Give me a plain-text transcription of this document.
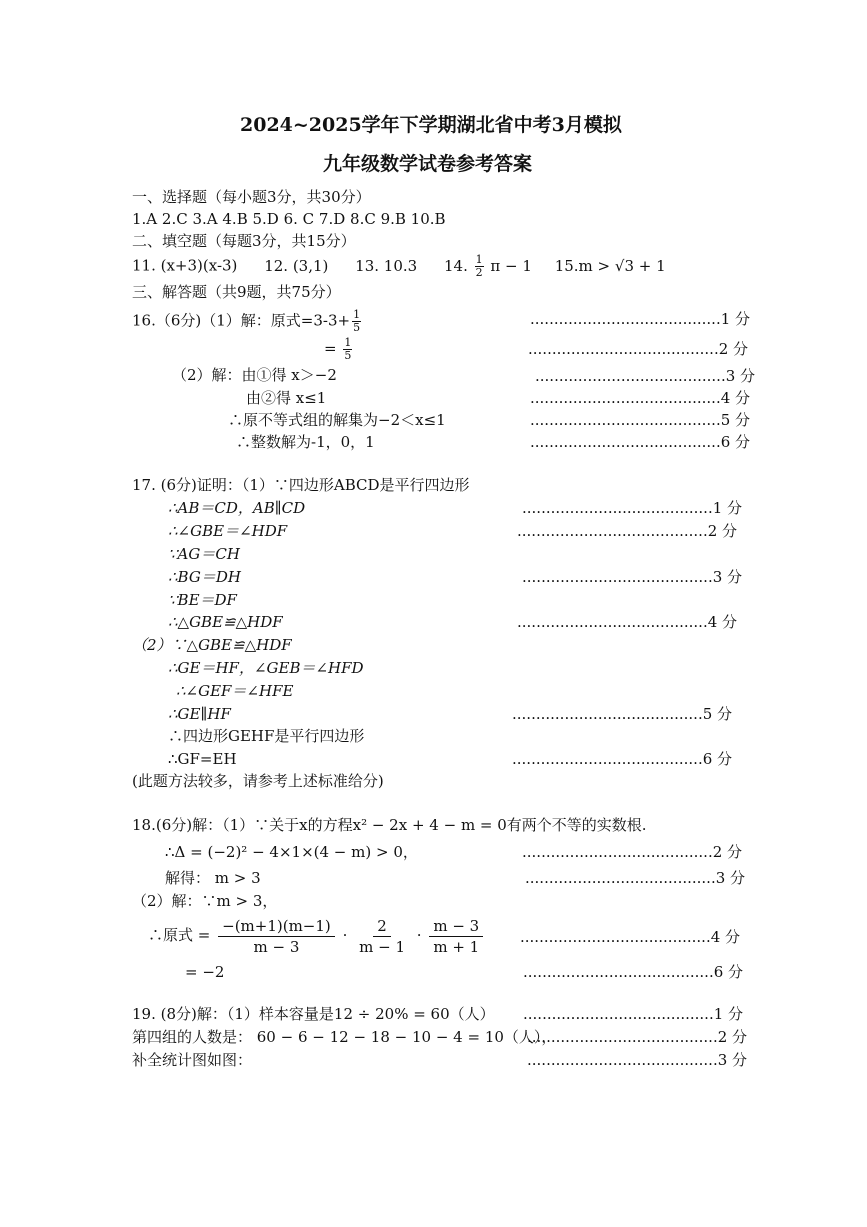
2024~2025学年下学期湖北省中考3月模拟
九年级数学试卷参考答案
一、选择题（每小题3分，共30分）
1.A 2.C 3.A 4.B 5.D 6. C 7.D 8.C 9.B 10.B
二、填空题（每题3分，共15分）
11. (x+3)(x-3) 12. (3,1) 13. 10.3 14. $\frac{1}{2}$ π − 1 15.m > √3 + 1
三、解答题（共9题，共75分）
16.（6分)（1）解：原式$=3-3+ \frac{1}{5}$	........................................1 分
= $\frac{1}{5}$	........................................2 分
（2）解：由①得 x＞−2	........................................3 分
由②得 x≤1	........................................4 分
∴原不等式组的解集为−2＜x≤1	........................................5 分
∴整数解为-1，0，1	........................................6 分
17. (6分)证明：（1）∵四边形ABCD是平行四边形
∴AB＝CD，AB∥CD	........................................1 分
∴∠GBE＝∠HDF	........................................2 分
∵AG＝CH
∴BG＝DH	........................................3 分
∵BE＝DF
∴△GBE≌△HDF	........................................4 分
（2）∵△GBE≌△HDF
∴GE＝HF，∠GEB＝∠HFD
∴∠GEF＝∠HFE
∴GE∥HF	........................................5 分
∴四边形GEHF是平行四边形
∴GF=EH	........................................6 分
(此题方法较多，请参考上述标准给分)
18.(6分)解：（1）∵关于x的方程x² − 2x + 4 − m = 0有两个不等的实数根.
∴Δ = (−2)² − 4×1×(4 − m) > 0，	........................................2 分
解得： m > 3	........................................3 分
（2）解：∵m > 3，
∴原式 = $\frac{-(m+1)(m-1)}{m - 3} \cdot \frac{2}{m - 1} \cdot \frac{m - 3}{m + 1} ........................................4$ 分
= −2	........................................6 分
19. (8分)解：（1）样本容量是12 ÷ 20% = 60（人） ........................................1 分
第四组的人数是： 60 − 6 − 12 − 18 − 10 − 4 = 10（人），
........................................2 分
补全统计图如图：	........................................3 分
